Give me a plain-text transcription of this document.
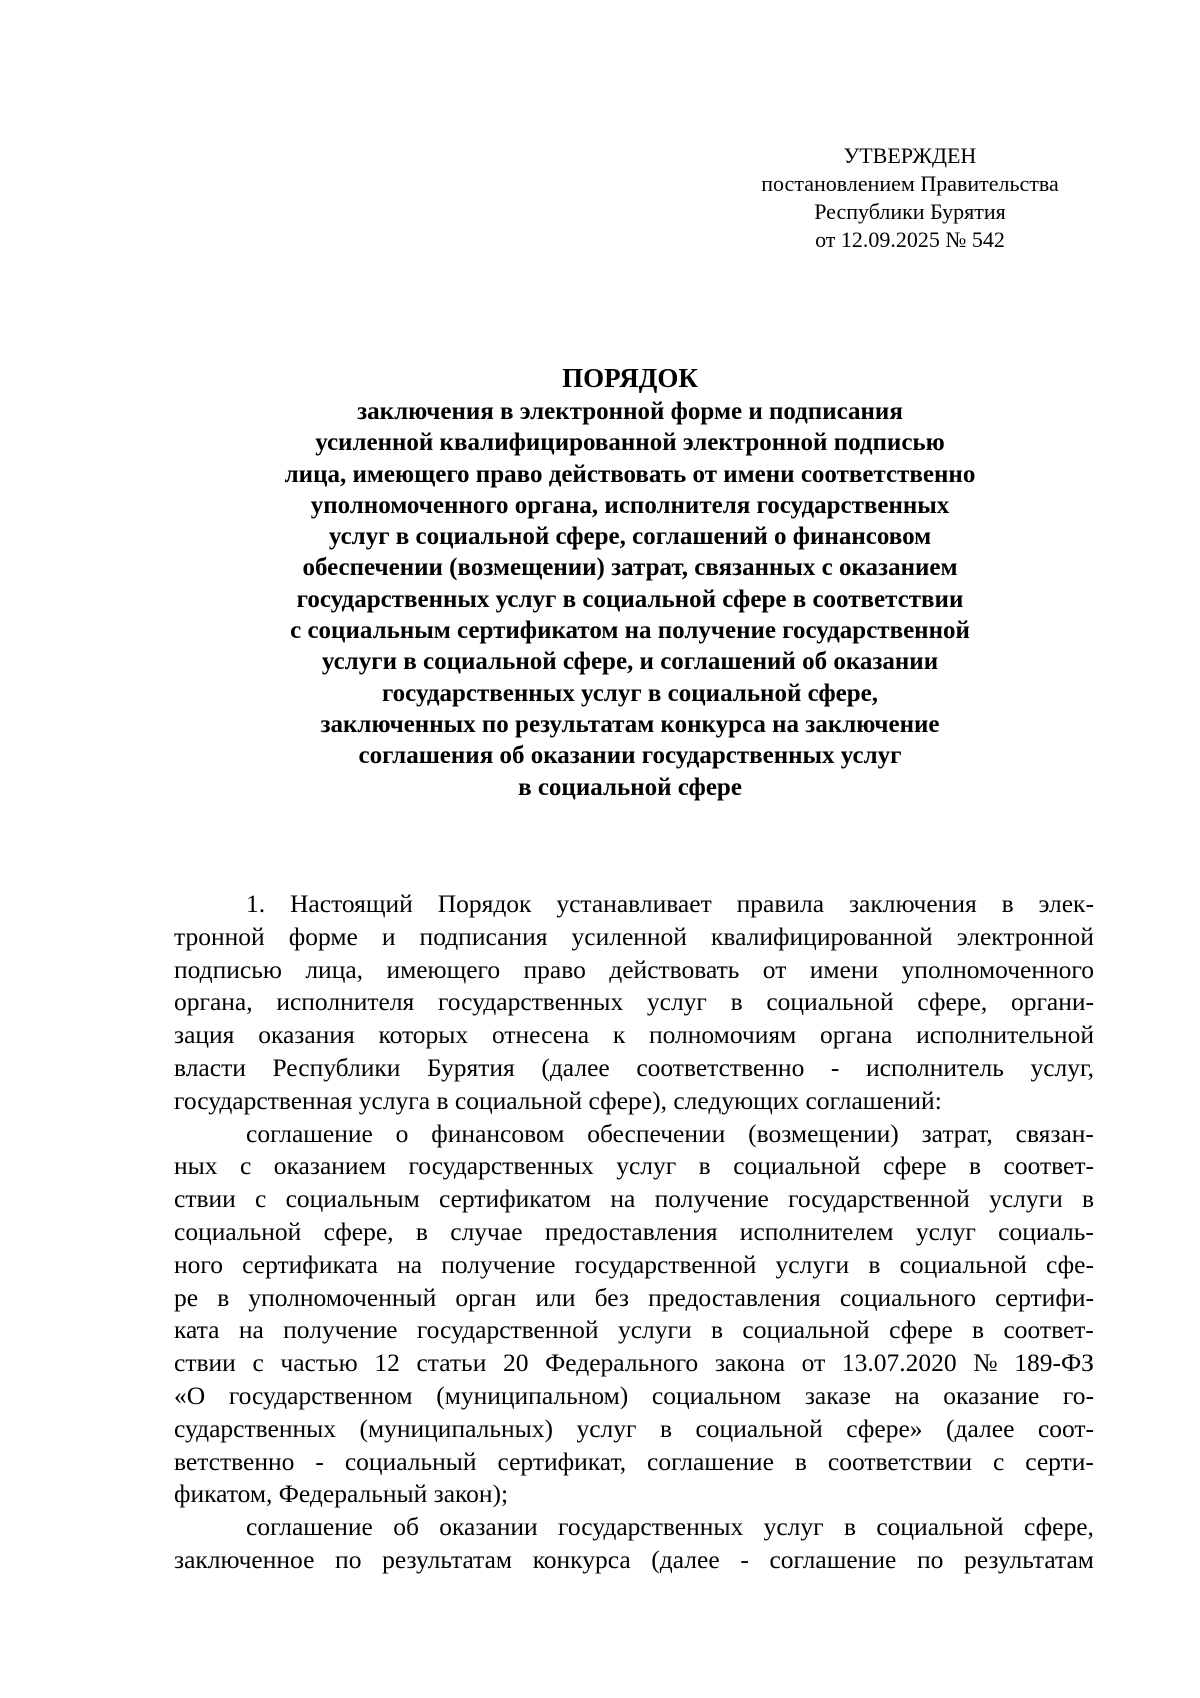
УТВЕРЖДЕН
постановлением Правительства
Республики Бурятия
от 12.09.2025 № 542
ПОРЯДОК
заключения в электронной форме и подписания
усиленной квалифицированной электронной подписью
лица, имеющего право действовать от имени соответственно
уполномоченного органа, исполнителя государственных
услуг в социальной сфере, соглашений о финансовом
обеспечении (возмещении) затрат, связанных с оказанием
государственных услуг в социальной сфере в соответствии
с социальным сертификатом на получение государственной
услуги в социальной сфере, и соглашений об оказании
государственных услуг в социальной сфере,
заключенных по результатам конкурса на заключение
соглашения об оказании государственных услуг
в социальной сфере
1. Настоящий Порядок устанавливает правила заключения в элек-
тронной форме и подписания усиленной квалифицированной электронной
подписью лица, имеющего право действовать от имени уполномоченного
органа, исполнителя государственных услуг в социальной сфере, органи-
зация оказания которых отнесена к полномочиям органа исполнительной
власти Республики Бурятия (далее соответственно - исполнитель услуг,
государственная услуга в социальной сфере), следующих соглашений:
соглашение о финансовом обеспечении (возмещении) затрат, связан-
ных с оказанием государственных услуг в социальной сфере в соответ-
ствии с социальным сертификатом на получение государственной услуги в
социальной сфере, в случае предоставления исполнителем услуг социаль-
ного сертификата на получение государственной услуги в социальной сфе-
ре в уполномоченный орган или без предоставления социального сертифи-
ката на получение государственной услуги в социальной сфере в соответ-
ствии с частью 12 статьи 20 Федерального закона от 13.07.2020 № 189-ФЗ
«О государственном (муниципальном) социальном заказе на оказание го-
сударственных (муниципальных) услуг в социальной сфере» (далее соот-
ветственно - социальный сертификат, соглашение в соответствии с серти-
фикатом, Федеральный закон);
соглашение об оказании государственных услуг в социальной сфере,
заключенное по результатам конкурса (далее - соглашение по результатам
